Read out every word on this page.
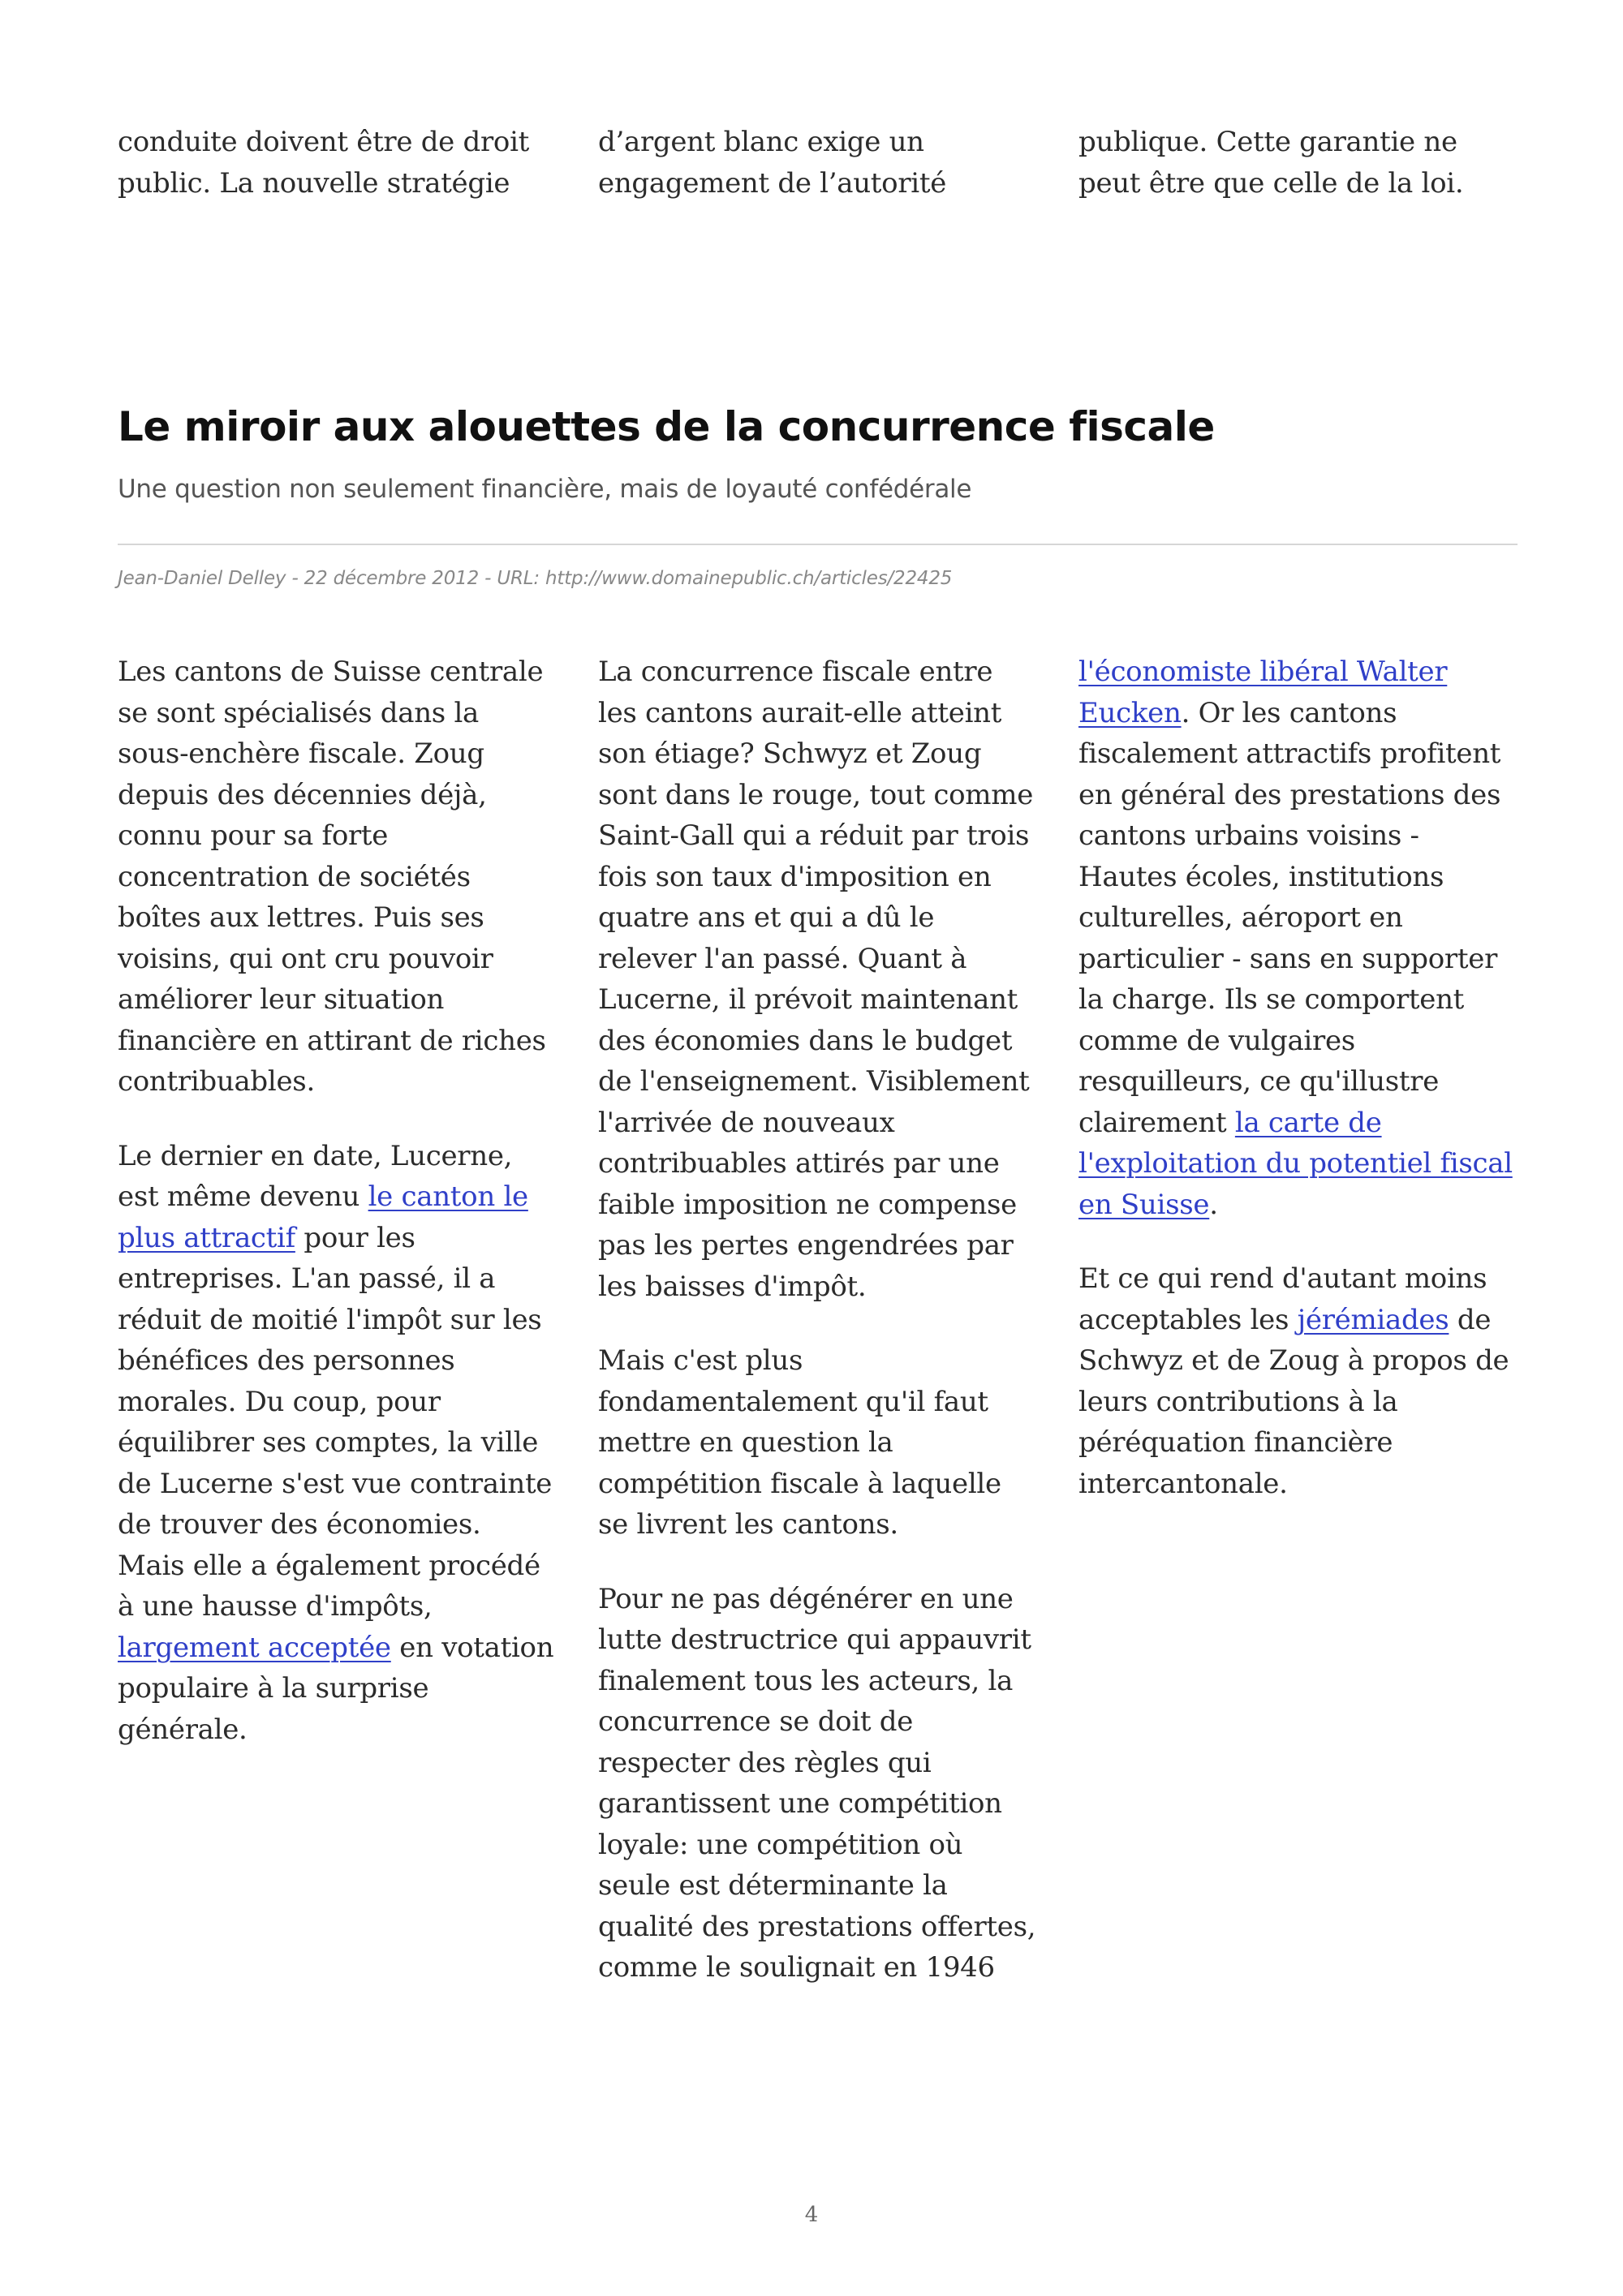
conduite doivent être de droit public. La nouvelle stratégie

d’argent blanc exige un engagement de l’autorité

publique. Cette garantie ne peut être que celle de la loi.

Le miroir aux alouettes de la concurrence fiscale

Une question non seulement financière, mais de loyauté confédérale

Jean-Daniel Delley - 22 décembre 2012 - URL: http://www.domainepublic.ch/articles/22425

Les cantons de Suisse centrale se sont spécialisés dans la sous-enchère fiscale. Zoug depuis des décennies déjà, connu pour sa forte concentration de sociétés boîtes aux lettres. Puis ses voisins, qui ont cru pouvoir améliorer leur situation financière en attirant de riches contribuables.

Le dernier en date, Lucerne, est même devenu le canton le plus attractif pour les entreprises. L'an passé, il a réduit de moitié l'impôt sur les bénéfices des personnes morales. Du coup, pour équilibrer ses comptes, la ville de Lucerne s'est vue contrainte de trouver des économies. Mais elle a également procédé à une hausse d'impôts, largement acceptée en votation populaire à la surprise générale.

La concurrence fiscale entre les cantons aurait-elle atteint son étiage? Schwyz et Zoug sont dans le rouge, tout comme Saint-Gall qui a réduit par trois fois son taux d'imposition en quatre ans et qui a dû le relever l'an passé. Quant à Lucerne, il prévoit maintenant des économies dans le budget de l'enseignement. Visiblement l'arrivée de nouveaux contribuables attirés par une faible imposition ne compense pas les pertes engendrées par les baisses d'impôt.

Mais c'est plus fondamentalement qu'il faut mettre en question la compétition fiscale à laquelle se livrent les cantons.

Pour ne pas dégénérer en une lutte destructrice qui appauvrit finalement tous les acteurs, la concurrence se doit de respecter des règles qui garantissent une compétition loyale: une compétition où seule est déterminante la qualité des prestations offertes, comme le soulignait en 1946

l'économiste libéral Walter Eucken. Or les cantons fiscalement attractifs profitent en général des prestations des cantons urbains voisins - Hautes écoles, institutions culturelles, aéroport en particulier - sans en supporter la charge. Ils se comportent comme de vulgaires resquilleurs, ce qu'illustre clairement la carte de l'exploitation du potentiel fiscal en Suisse.

Et ce qui rend d'autant moins acceptables les jérémiades de Schwyz et de Zoug à propos de leurs contributions à la péréquation financière intercantonale.

4
